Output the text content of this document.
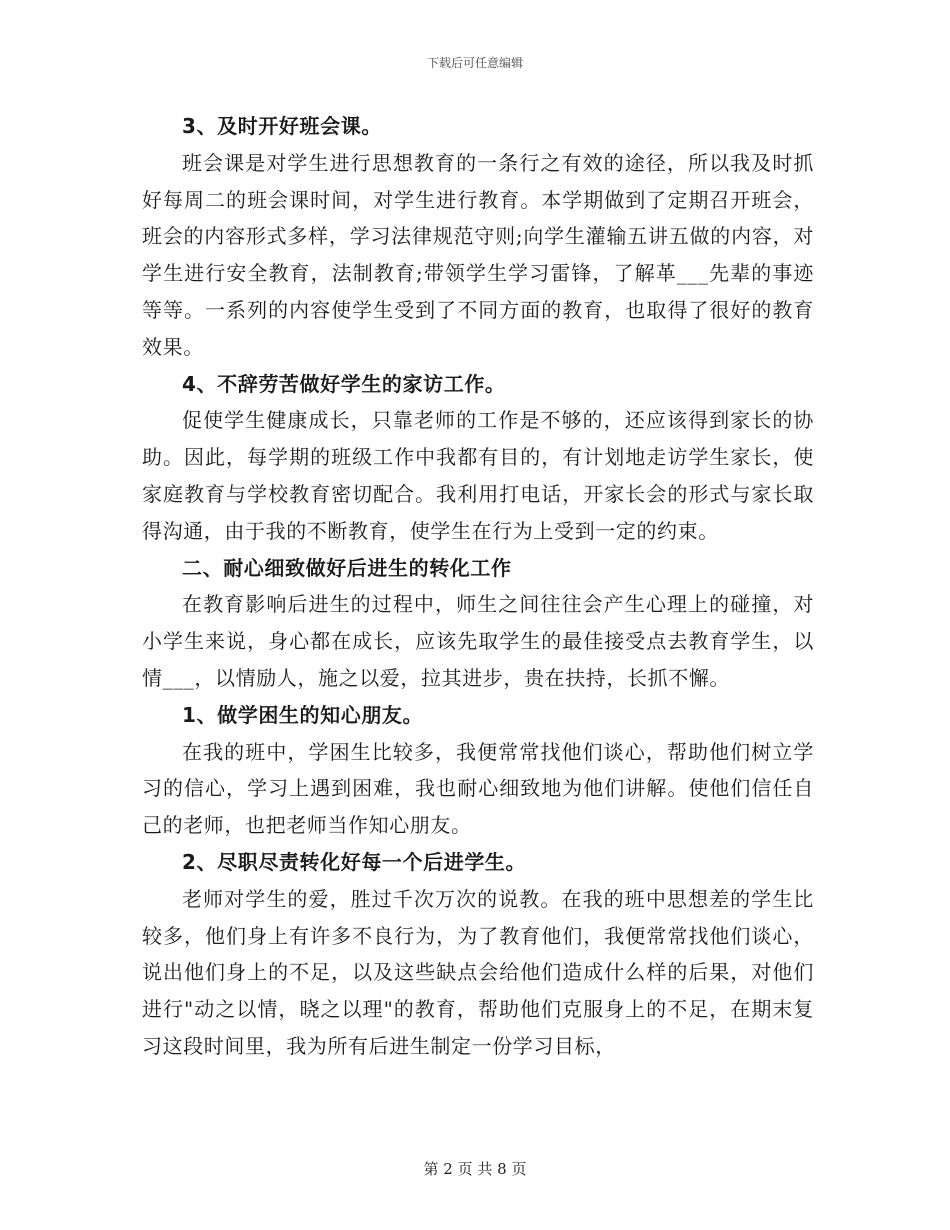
下载后可任意编辑

3、及时开好班会课。

班会课是对学生进行思想教育的一条行之有效的途径，所以我及时抓好每周二的班会课时间，对学生进行教育。本学期做到了定期召开班会，班会的内容形式多样，学习法律规范守则;向学生灌输五讲五做的内容，对学生进行安全教育，法制教育;带领学生学习雷锋，了解革___先辈的事迹等等。一系列的内容使学生受到了不同方面的教育，也取得了很好的教育效果。

4、不辞劳苦做好学生的家访工作。

促使学生健康成长，只靠老师的工作是不够的，还应该得到家长的协助。因此，每学期的班级工作中我都有目的，有计划地走访学生家长，使家庭教育与学校教育密切配合。我利用打电话，开家长会的形式与家长取得沟通，由于我的不断教育，使学生在行为上受到一定的约束。

二、耐心细致做好后进生的转化工作

在教育影响后进生的过程中，师生之间往往会产生心理上的碰撞，对小学生来说，身心都在成长，应该先取学生的最佳接受点去教育学生，以情___，以情励人，施之以爱，拉其进步，贵在扶持，长抓不懈。

1、做学困生的知心朋友。

在我的班中，学困生比较多，我便常常找他们谈心，帮助他们树立学习的信心，学习上遇到困难，我也耐心细致地为他们讲解。使他们信任自己的老师，也把老师当作知心朋友。

2、尽职尽责转化好每一个后进学生。

老师对学生的爱，胜过千次万次的说教。在我的班中思想差的学生比较多，他们身上有许多不良行为，为了教育他们，我便常常找他们谈心，说出他们身上的不足，以及这些缺点会给他们造成什么样的后果，对他们进行"动之以情，晓之以理"的教育，帮助他们克服身上的不足，在期末复习这段时间里，我为所有后进生制定一份学习目标，

第 2 页 共 8 页
